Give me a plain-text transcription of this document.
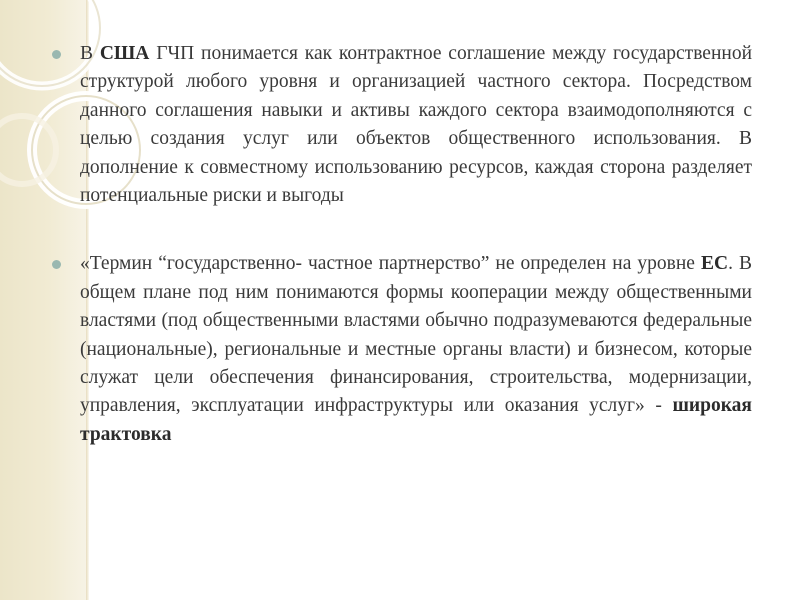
В США ГЧП понимается как контрактное соглашение между государственной структурой любого уровня и организацией частного сектора. Посредством данного соглашения навыки и активы каждого сектора взаимодополняются с целью создания услуг или объектов общественного использования. В дополнение к совместному использованию ресурсов, каждая сторона разделяет потенциальные риски и выгоды

«Термин “государственно- частное партнерство” не определен на уровне ЕС. В общем плане под ним понимаются формы кооперации между общественными властями (под общественными властями обычно подразумеваются федеральные (национальные), региональные и местные органы власти) и бизнесом, которые служат цели обеспечения финансирования, строительства, модернизации, управления, эксплуатации инфраструктуры или оказания услуг» - широкая трактовка
